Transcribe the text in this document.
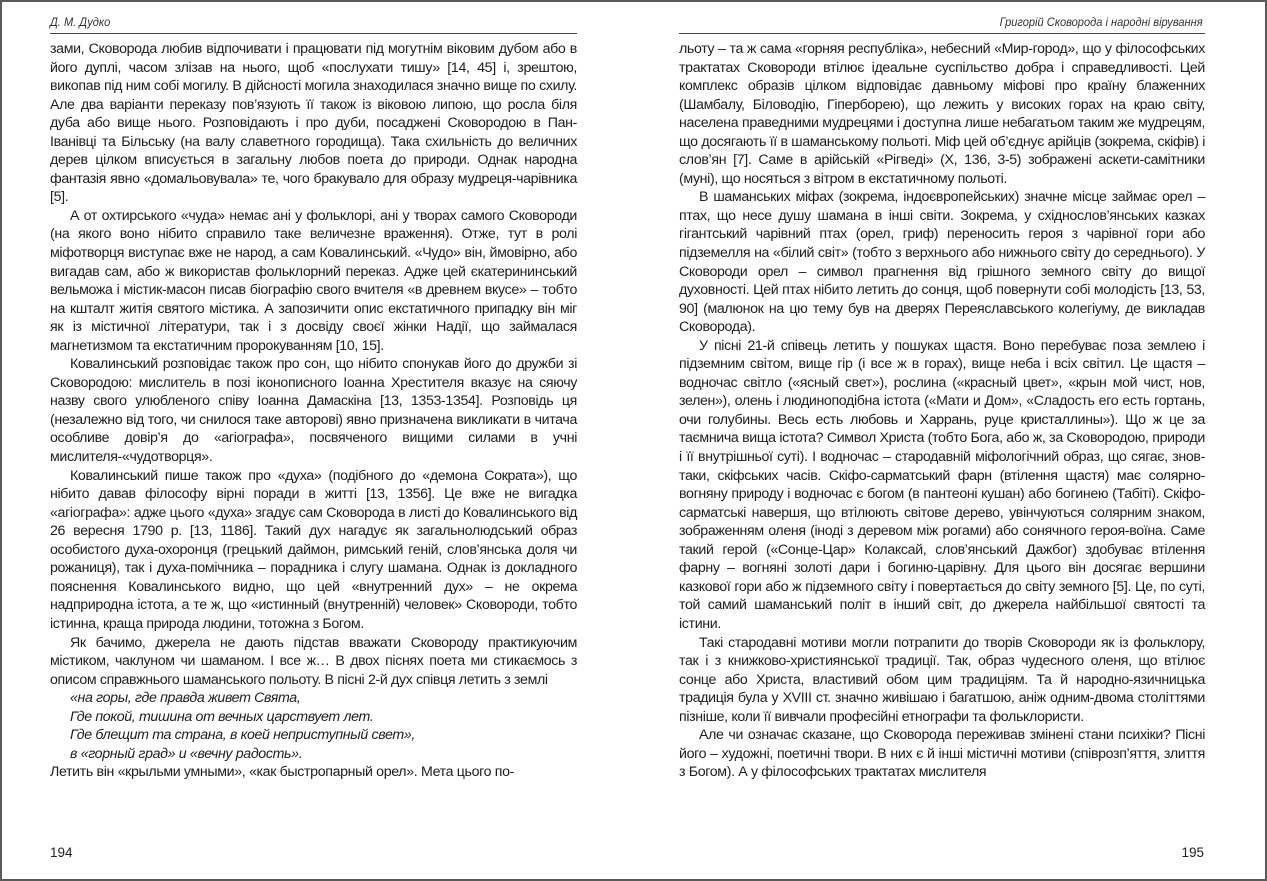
Д. М. Дудко

зами, Сковорода любив відпочивати і працювати під могутнім віковим дубом або в його дуплі, часом злізав на нього, щоб «послухати тишу» [14, 45] і, зрештою, викопав під ним собі могилу. В дійсності могила знаходилася значно вище по схилу. Але два варіанти переказу пов’язують її також із віковою липою, що росла біля дуба або вище нього. Розповідають і про дуби, посаджені Сковородою в Пан-Іванівці та Більську (на валу славетного городища). Така схильність до величних дерев цілком вписується в загальну любов поета до природи. Однак народна фантазія явно «домальовувала» те, чого бракувало для образу мудреця-чарівника [5].

А от охтирського «чуда» немає ані у фольклорі, ані у творах самого Сковороди (на якого воно нібито справило таке величезне враження). Отже, тут в ролі міфотворця виступає вже не народ, а сам Ковалинський. «Чудо» він, ймовірно, або вигадав сам, або ж використав фольклорний переказ. Адже цей єкатерининський вельможа і містик-масон писав біографію свого вчителя «в древнем вкусе» – тобто на кшталт житія святого містика. А запозичити опис екстатичного припадку він міг як із містичної літератури, так і з досвіду своєї жінки Надії, що займалася магнетизмом та екстатичним пророкуванням [10, 15].

Ковалинський розповідає також про сон, що нібито спонукав його до дружби зі Сковородою: мислитель в позі іконописного Іоанна Хрестителя вказує на сяючу назву свого улюбленого співу Іоанна Дамаскіна [13, 1353-1354]. Розповідь ця (незалежно від того, чи снилося таке авторові) явно призначена викликати в читача особливе довір’я до «агіографа», посвяченого вищими силами в учні мислителя-«чудотворця».

Ковалинський пише також про «духа» (подібного до «демона Сократа»), що нібито давав філософу вірні поради в житті [13, 1356]. Це вже не вигадка «агіографа»: адже цього «духа» згадує сам Сковорода в листі до Ковалинського від 26 вересня 1790 р. [13, 1186]. Такий дух нагадує як загальнолюдський образ особистого духа-охоронця (грецький даймон, римський геній, слов’янська доля чи рожаниця), так і духа-помічника – порадника і слугу шамана. Однак із докладного пояснення Ковалинського видно, що цей «внутренний дух» – не окрема надприродна істота, а те ж, що «истинный (внутренній) человек» Сковороди, тобто істинна, краща природа людини, тотожна з Богом.

Як бачимо, джерела не дають підстав вважати Сковороду практикуючим містиком, чаклуном чи шаманом. І все ж… В двох піснях поета ми стикаємось з описом справжнього шаманського польоту. В пісні 2-й дух співця летить з землі

«на горы, где правда живет Свята,

Где покой, тишина от вечных царствует лет.

Где блещит та страна, в коей неприступный свет»,

в «горный град» и «вечну радость».

Летить він «крыльми умными», «как быстропарный орел». Мета цього по-

194
Григорій Сковорода і народні вірування

льоту – та ж сама «горняя республіка», небесний «Мир-город», що у філософських трактатах Сковороди втілює ідеальне суспільство добра і справедливості. Цей комплекс образів цілком відповідає давньому міфові про країну блаженних (Шамбалу, Біловодію, Гіперборею), що лежить у високих горах на краю світу, населена праведними мудрецями і доступна лише небагатьом таким же мудрецям, що досягають її в шаманському польоті. Міф цей об’єднує арійців (зокрема, скіфів) і слов’ян [7]. Саме в арійській «Рігведі» (X, 136, 3-5) зображені аскети-самітники (муні), що носяться з вітром в екстатичному польоті.

В шаманських міфах (зокрема, індоєвропейських) значне місце займає орел – птах, що несе душу шамана в інші світи. Зокрема, у східнослов’янських казках гігантський чарівний птах (орел, гриф) переносить героя з чарівної гори або підземелля на «білий світ» (тобто з верхнього або нижнього світу до середнього). У Сковороди орел – символ прагнення від грішного земного світу до вищої духовності. Цей птах нібито летить до сонця, щоб повернути собі молодість [13, 53, 90] (малюнок на цю тему був на дверях Переяславського колегіуму, де викладав Сковорода).

У пісні 21-й співець летить у пошуках щастя. Воно перебуває поза землею і підземним світом, вище гір (і все ж в горах), вище неба і всіх світил. Це щастя – водночас світло («ясный свет»), рослина («красный цвет», «крын мой чист, нов, зелен»), олень і людиноподібна істота («Мати и Дом», «Сладость его есть гортань, очи голубины. Весь есть любовь и Харрань, руце кристаллины»). Що ж це за таємнича вища істота? Символ Христа (тобто Бога, або ж, за Сковородою, природи і її внутрішньої суті). І водночас – стародавній міфологічний образ, що сягає, знов-таки, скіфських часів. Скіфо-сарматський фарн (втілення щастя) має солярно-вогняну природу і водночас є богом (в пантеоні кушан) або богинею (Табіті). Скіфо-сарматські навершя, що втілюють світове дерево, увінчуються солярним знаком, зображенням оленя (іноді з деревом між рогами) або сонячного героя-воїна. Саме такий герой («Сонце-Цар» Колаксай, слов’янський Дажбог) здобуває втілення фарну – вогняні золоті дари і богиню-царівну. Для цього він досягає вершини казкової гори або ж підземного світу і повертається до світу земного [5]. Це, по суті, той самий шаманський політ в інший світ, до джерела найбільшої святості та істини.

Такі стародавні мотиви могли потрапити до творів Сковороди як із фольклору, так і з книжково-християнської традиції. Так, образ чудесного оленя, що втілює сонце або Христа, властивий обом цим традиціям. Та й народно-язичницька традиція була у XVIII ст. значно живішаю і багатшою, аніж одним-двома століттями пізніше, коли її вивчали професійні етнографи та фольклористи.

Але чи означає сказане, що Сковорода переживав змінені стани психіки? Пісні його – художні, поетичні твори. В них є й інші містичні мотиви (співрозп’яття, злиття з Богом). А у філософських трактатах мислителя

195
